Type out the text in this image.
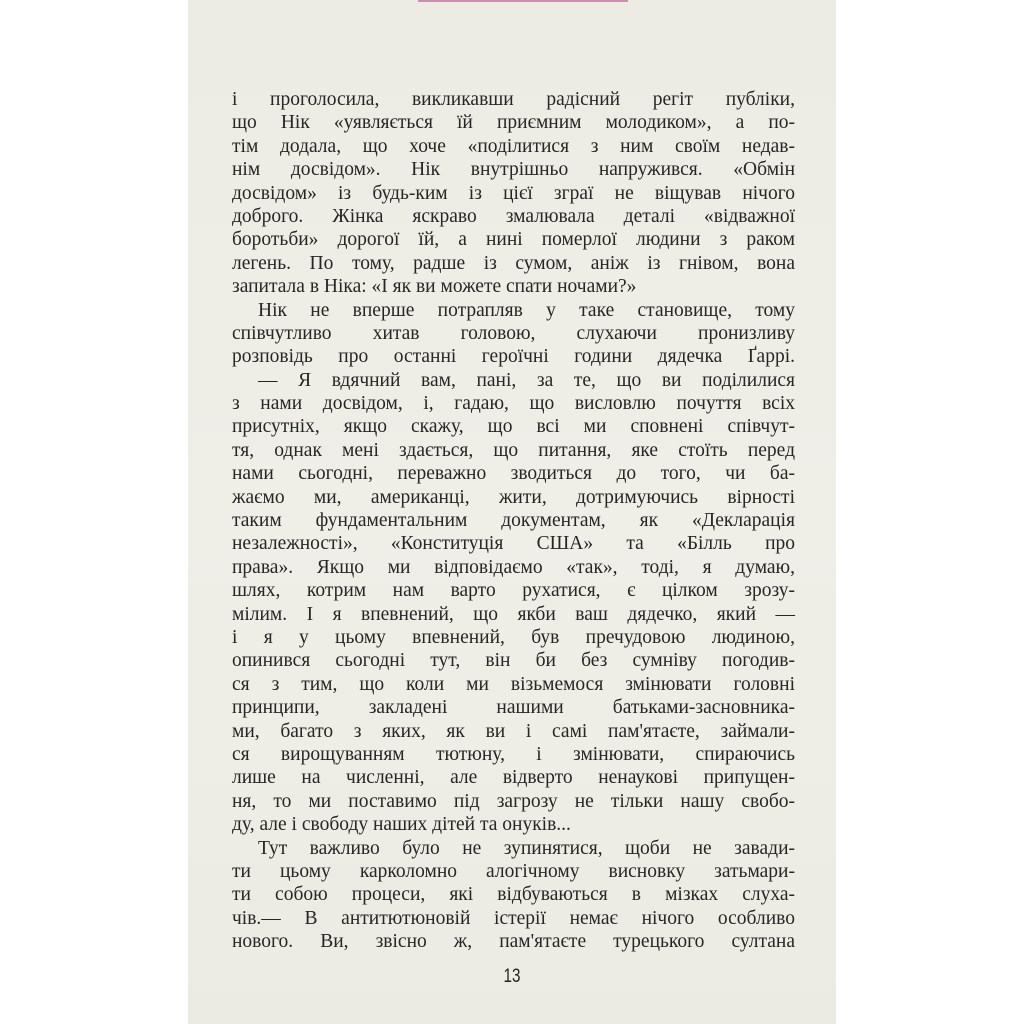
і проголосила, викликавши радісний регіт публіки,
що Нік «уявляється їй приємним молодиком», а по-
тім додала, що хоче «поділитися з ним своїм недав-
нім досвідом». Нік внутрішньо напружився. «Обмін
досвідом» із будь-ким із цієї зграї не віщував нічого
доброго. Жінка яскраво змалювала деталі «відважної
боротьби» дорогої їй, а нині померлої людини з раком
легень. По тому, радше із сумом, аніж із гнівом, вона
запитала в Ніка: «І як ви можете спати ночами?»
Нік не вперше потрапляв у таке становище, тому
співчутливо хитав головою, слухаючи пронизливу
розповідь про останні героїчні години дядечка Ґаррі.
— Я вдячний вам, пані, за те, що ви поділилися
з нами досвідом, і, гадаю, що висловлю почуття всіх
присутніх, якщо скажу, що всі ми сповнені співчут-
тя, однак мені здається, що питання, яке стоїть перед
нами сьогодні, переважно зводиться до того, чи ба-
жаємо ми, американці, жити, дотримуючись вірності
таким фундаментальним документам, як «Декларація
незалежності», «Конституція США» та «Білль про
права». Якщо ми відповідаємо «так», тоді, я думаю,
шлях, котрим нам варто рухатися, є цілком зрозу-
мілим. І я впевнений, що якби ваш дядечко, який —
і я у цьому впевнений, був пречудовою людиною,
опинився сьогодні тут, він би без сумніву погодив-
ся з тим, що коли ми візьмемося змінювати головні
принципи, закладені нашими батьками-засновника-
ми, багато з яких, як ви і самі пам'ятаєте, займали-
ся вирощуванням тютюну, і змінювати, спираючись
лише на численні, але відверто ненаукові припущен-
ня, то ми поставимо під загрозу не тільки нашу свобо-
ду, але і свободу наших дітей та онуків...
Тут важливо було не зупинятися, щоби не завади-
ти цьому карколомно алогічному висновку затьмари-
ти собою процеси, які відбуваються в мізках слуха-
чів.— В антитютюновій істерії немає нічого особливо
нового. Ви, звісно ж, пам'ятаєте турецького султана
13
